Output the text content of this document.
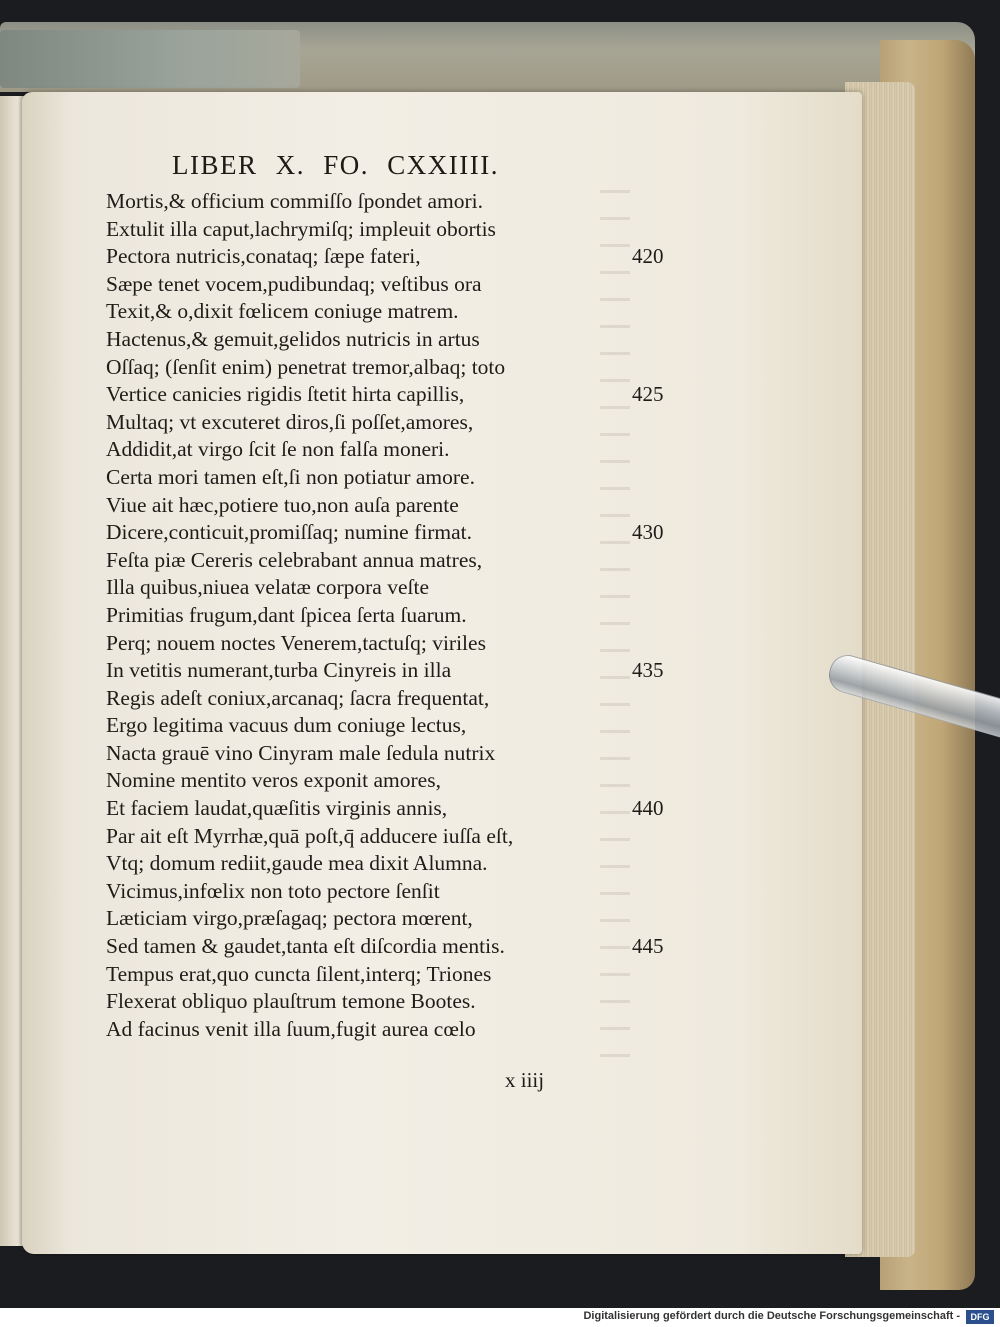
LIBER X. FO. CXXIIII.
Mortis,& officium commiſſo ſpondet amori.
Extulit illa caput,lachrymiſq; impleuit obortis
Pectora nutricis,conataq; ſæpe fateri,
Sæpe tenet vocem,pudibundaq; veſtibus ora
Texit,& o,dixit fœlicem coniuge matrem.
Hactenus,& gemuit,gelidos nutricis in artus
Oſſaq; (ſenſit enim) penetrat tremor,albaq; toto
Vertice canicies rigidis ſtetit hirta capillis,
Multaq; vt excuteret diros,ſi poſſet,amores,
Addidit,at virgo ſcit ſe non falſa moneri.
Certa mori tamen eſt,ſi non potiatur amore.
Viue ait hæc,potiere tuo,non auſa parente
Dicere,conticuit,promiſſaq; numine firmat.
Feſta piæ Cereris celebrabant annua matres,
Illa quibus,niuea velatæ corpora veſte
Primitias frugum,dant ſpicea ſerta ſuarum.
Perq; nouem noctes Venerem,tactuſq; viriles
In vetitis numerant,turba Cinyreis in illa
Regis adeſt coniux,arcanaq; ſacra frequentat,
Ergo legitima vacuus dum coniuge lectus,
Nacta grauē vino Cinyram male ſedula nutrix
Nomine mentito veros exponit amores,
Et faciem laudat,quæſitis virginis annis,
Par ait eſt Myrrhæ,quā poſt,q̄ adducere iuſſa eſt,
Vtq; domum rediit,gaude mea dixit Alumna.
Vicimus,infœlix non toto pectore ſenſit
Læticiam virgo,præſagaq; pectora mœrent,
Sed tamen & gaudet,tanta eſt diſcordia mentis.
Tempus erat,quo cuncta ſilent,interq; Triones
Flexerat obliquo plauſtrum temone Bootes.
Ad facinus venit illa ſuum,fugit aurea cœlo
420
425
430
435
440
445
x iiij
Digitalisierung gefördert durch die Deutsche Forschungsgemeinschaft -	DFG
